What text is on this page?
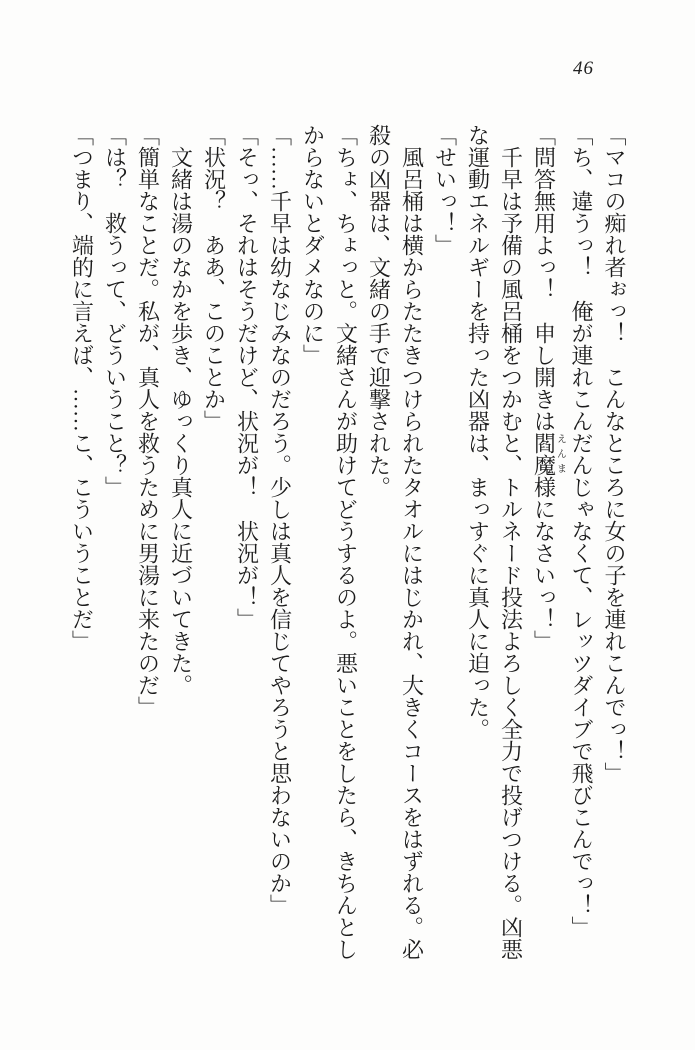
46
「マコの痴れ者ぉっ！　こんなところに女の子を連れこんでっ！」
「ち、違うっ！　俺が連れこんだんじゃなくて、レッツダイブで飛びこんでっ！」
「問答無用よっ！　申し開きは閻魔えんま様になさいっ！」
　千早は予備の風呂桶をつかむと、トルネード投法よろしく全力で投げつける。凶悪
な運動エネルギーを持った凶器は、まっすぐに真人に迫った。
「せいっ！」
　風呂桶は横からたたきつけられたタオルにはじかれ、大きくコースをはずれる。必
殺の凶器は、文緒の手で迎撃された。
「ちょ、ちょっと。文緒さんが助けてどうするのよ。悪いことをしたら、きちんとし
からないとダメなのに」
「……千早は幼なじみなのだろう。少しは真人を信じてやろうと思わないのか」
「そっ、それはそうだけど、状況が！　状況が！」
「状況？　ああ、このことか」
　文緒は湯のなかを歩き、ゆっくり真人に近づいてきた。
「簡単なことだ。私が、真人を救うために男湯に来たのだ」
「は？　救うって、どういうこと？」
「つまり、端的に言えば、……こ、こういうことだ」
